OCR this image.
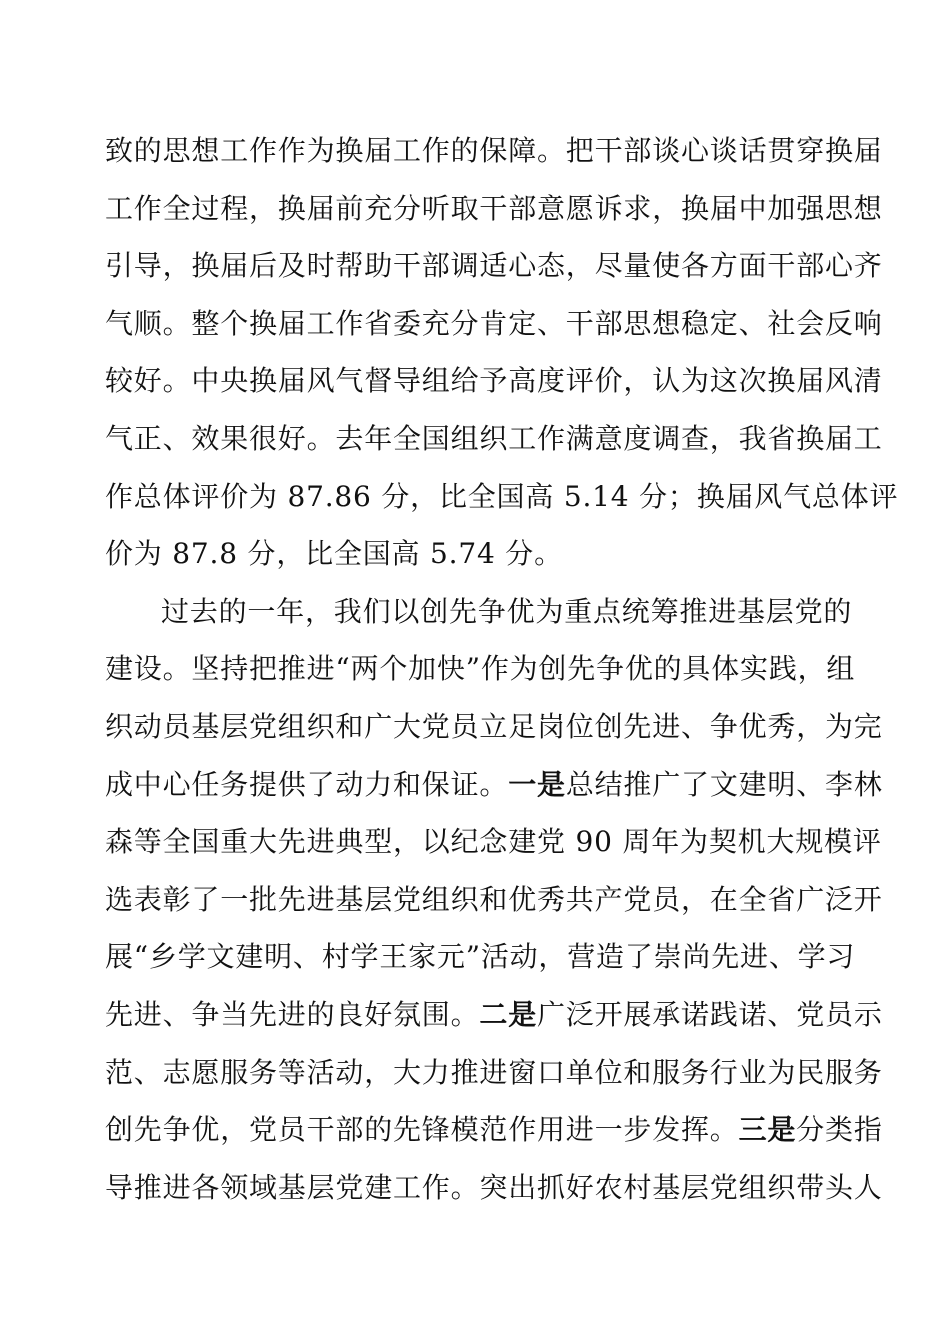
致的思想工作作为换届工作的保障。把干部谈心谈话贯穿换届
工作全过程，换届前充分听取干部意愿诉求，换届中加强思想
引导，换届后及时帮助干部调适心态，尽量使各方面干部心齐
气顺。整个换届工作省委充分肯定、干部思想稳定、社会反响
较好。中央换届风气督导组给予高度评价，认为这次换届风清
气正、效果很好。去年全国组织工作满意度调查，我省换届工
作总体评价为 87.86 分，比全国高 5.14 分；换届风气总体评
价为 87.8 分，比全国高 5.74 分。
过去的一年，我们以创先争优为重点统筹推进基层党的
建设。坚持把推进“两个加快”作为创先争优的具体实践，组
织动员基层党组织和广大党员立足岗位创先进、争优秀，为完
成中心任务提供了动力和保证。一是总结推广了文建明、李林
森等全国重大先进典型，以纪念建党 90 周年为契机大规模评
选表彰了一批先进基层党组织和优秀共产党员，在全省广泛开
展“乡学文建明、村学王家元”活动，营造了崇尚先进、学习
先进、争当先进的良好氛围。二是广泛开展承诺践诺、党员示
范、志愿服务等活动，大力推进窗口单位和服务行业为民服务
创先争优，党员干部的先锋模范作用进一步发挥。三是分类指
导推进各领域基层党建工作。突出抓好农村基层党组织带头人
